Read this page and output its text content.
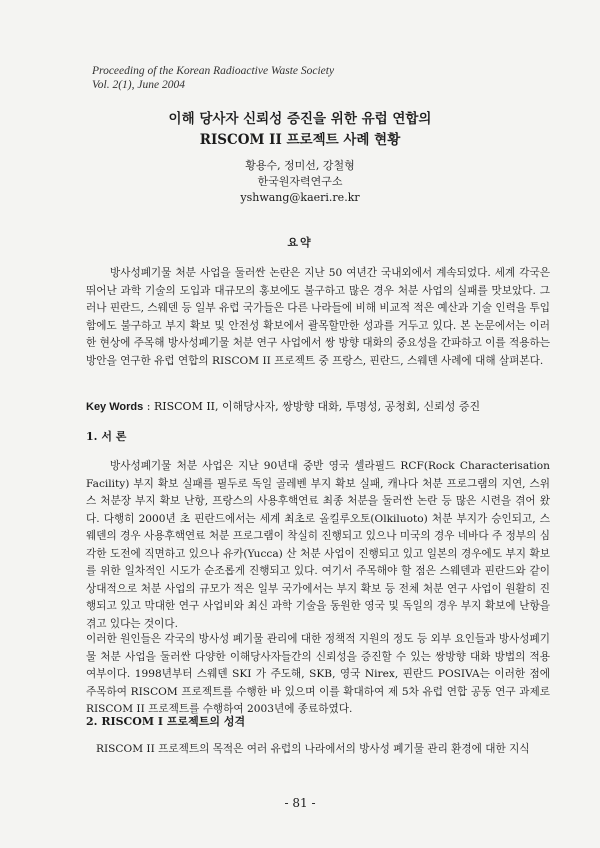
Proceeding of the Korean Radioactive Waste Society
Vol. 2(1), June 2004
이해 당사자 신뢰성 증진을 위한 유럽 연합의
RISCOM II 프로젝트 사례 현황
황용수, 정미선, 강철형
한국원자력연구소
yshwang@kaeri.re.kr
요약
방사성폐기물 처분 사업을 둘러싼 논란은 지난 50 여년간 국내외에서 계속되었다. 세계 각국은 뛰어난 과학 기술의 도입과 대규모의 홍보에도 불구하고 많은 경우 처분 사업의 실패를 맛보았다. 그러나 핀란드, 스웨덴 등 일부 유럽 국가들은 다른 나라들에 비해 비교적 적은 예산과 기술 인력을 투입함에도 불구하고 부지 확보 및 안전성 확보에서 괄목할만한 성과를 거두고 있다. 본 논문에서는 이러한 현상에 주목해 방사성폐기물 처분 연구 사업에서 쌍 방향 대화의 중요성을 간파하고 이를 적용하는 방안을 연구한 유럽 연합의 RISCOM II 프로젝트 중 프랑스, 핀란드, 스웨덴 사례에 대해 살펴본다.
Key Words : RISCOM II, 이해당사자, 쌍방향 대화, 투명성, 공청회, 신뢰성 증진
1. 서 론
방사성폐기물 처분 사업은 지난 90년대 중반 영국 셀라필드 RCF(Rock Characterisation Facility) 부지 확보 실패를 필두로 독일 골레벤 부지 확보 실패, 캐나다 처분 프로그램의 지연, 스위스 처분장 부지 확보 난항, 프랑스의 사용후핵연료 최종 처분을 둘러싼 논란 등 많은 시련을 겪어 왔다. 다행히 2000년 초 핀란드에서는 세계 최초로 올킬루오토(Olkiluoto) 처분 부지가 승인되고, 스웨덴의 경우 사용후핵연료 처분 프로그램이 착실히 진행되고 있으나 미국의 경우 네바다 주 정부의 심각한 도전에 직면하고 있으나 유카(Yucca) 산 처분 사업이 진행되고 있고 일본의 경우에도 부지 확보를 위한 일차적인 시도가 순조롭게 진행되고 있다. 여기서 주목해야 할 점은 스웨덴과 핀란드와 같이 상대적으로 처분 사업의 규모가 적은 일부 국가에서는 부지 확보 등 전체 처분 연구 사업이 원활히 진행되고 있고 막대한 연구 사업비와 최신 과학 기술을 동원한 영국 및 독일의 경우 부지 확보에 난항을 겪고 있다는 것이다.
이러한 원인들은 각국의 방사성 폐기물 관리에 대한 정책적 지원의 정도 등 외부 요인들과 방사성폐기물 처분 사업을 둘러싼 다양한 이해당사자들간의 신뢰성을 증진할 수 있는 쌍방향 대화 방법의 적용 여부이다. 1998년부터 스웨덴 SKI 가 주도해, SKB, 영국 Nirex, 핀란드 POSIVA는 이러한 점에 주목하여 RISCOM 프로젝트를 수행한 바 있으며 이를 확대하여 제 5차 유럽 연합 공동 연구 과제로 RISCOM II 프로젝트를 수행하여 2003년에 종료하였다.
2. RISCOM I 프로젝트의 성격
RISCOM II 프로젝트의 목적은 여러 유럽의 나라에서의 방사성 폐기물 관리 환경에 대한 지식
- 81 -
